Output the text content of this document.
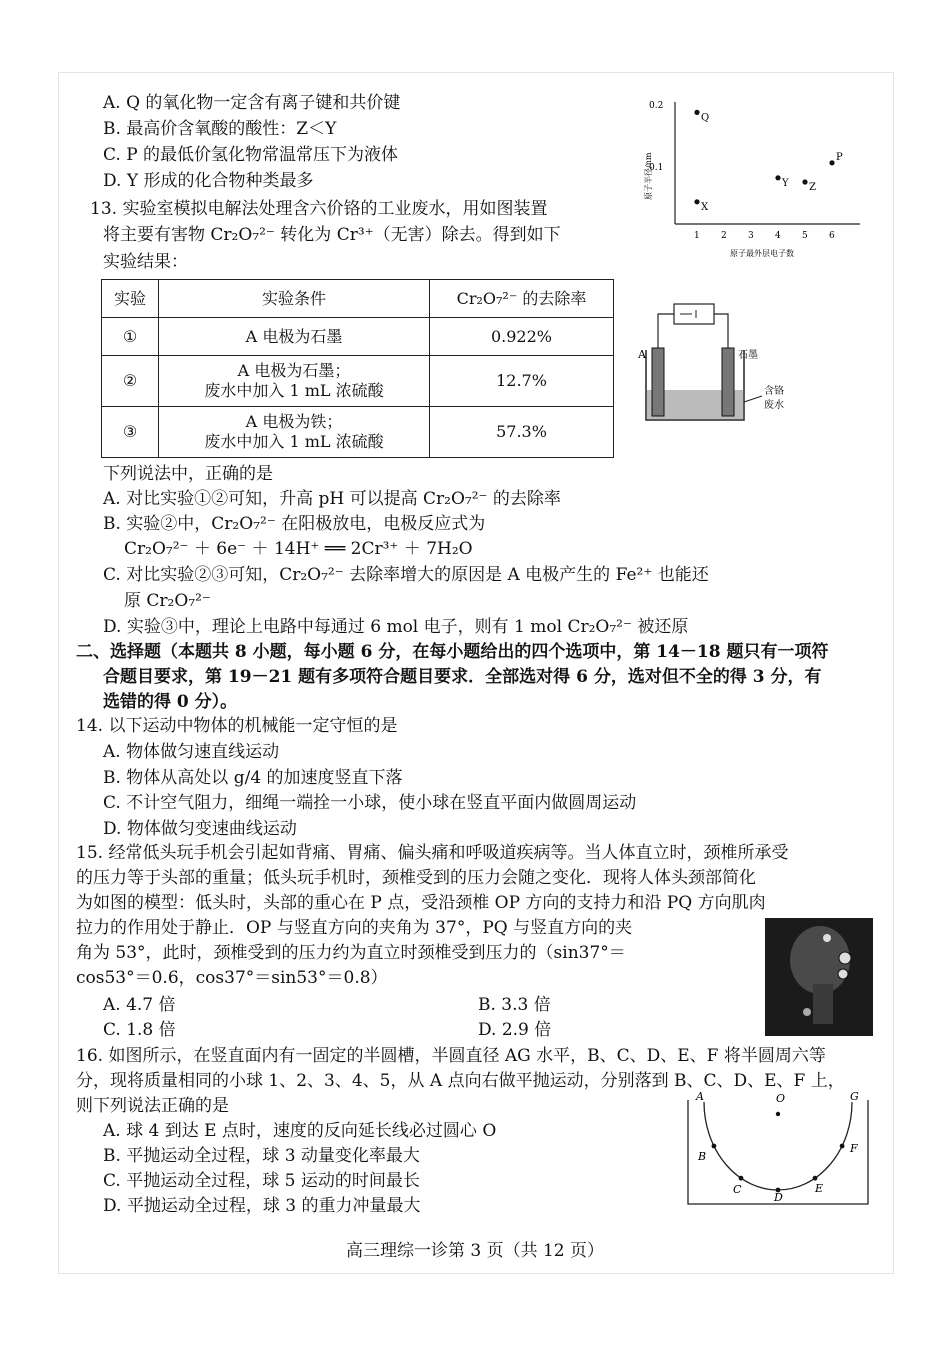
A. Q 的氧化物一定含有离子键和共价键
B. 最高价含氧酸的酸性：Z＜Y
C. P 的最低价氢化物常温常压下为液体
D. Y 形成的化合物种类最多
0.2
0.1
原子半径/nm
1 2 3 4 5 6
Q
X
Y Z
P
原子最外层电子数
13. 实验室模拟电解法处理含六价铬的工业废水，用如图装置
将主要有害物 Cr₂O₇²⁻ 转化为 Cr³⁺（无害）除去。得到如下
实验结果：
实验	实验条件	Cr₂O₇²⁻ 的去除率
①	A 电极为石墨	0.922%
②	A 电极为石墨；
废水中加入 1 mL 浓硫酸	12.7%
③	A 电极为铁；
废水中加入 1 mL 浓硫酸	57.3%
A	石墨
含铬
废水
下列说法中，正确的是
A. 对比实验①②可知，升高 pH 可以提高 Cr₂O₇²⁻ 的去除率
B. 实验②中，Cr₂O₇²⁻ 在阳极放电，电极反应式为
Cr₂O₇²⁻ ＋ 6e⁻ ＋ 14H⁺ ══ 2Cr³⁺ ＋ 7H₂O
C. 对比实验②③可知，Cr₂O₇²⁻ 去除率增大的原因是 A 电极产生的 Fe²⁺ 也能还
原 Cr₂O₇²⁻
D. 实验③中，理论上电路中每通过 6 mol 电子，则有 1 mol Cr₂O₇²⁻ 被还原
二、选择题（本题共 8 小题，每小题 6 分，在每小题给出的四个选项中，第 14－18 题只有一项符
合题目要求，第 19－21 题有多项符合题目要求．全部选对得 6 分，选对但不全的得 3 分，有
选错的得 0 分）。
14. 以下运动中物体的机械能一定守恒的是
A. 物体做匀速直线运动
B. 物体从高处以 g/4 的加速度竖直下落
C. 不计空气阻力，细绳一端拴一小球，使小球在竖直平面内做圆周运动
D. 物体做匀变速曲线运动
15. 经常低头玩手机会引起如背痛、胃痛、偏头痛和呼吸道疾病等。当人体直立时，颈椎所承受
的压力等于头部的重量；低头玩手机时，颈椎受到的压力会随之变化．现将人体头颈部简化
为如图的模型：低头时，头部的重心在 P 点，受沿颈椎 OP 方向的支持力和沿 PQ 方向肌肉
拉力的作用处于静止．OP 与竖直方向的夹角为 37°，PQ 与竖直方向的夹
角为 53°，此时，颈椎受到的压力约为直立时颈椎受到压力的（sin37°＝
cos53°＝0.6，cos37°＝sin53°＝0.8）
A. 4.7 倍	B. 3.3 倍
C. 1.8 倍	D. 2.9 倍
16. 如图所示，在竖直面内有一固定的半圆槽，半圆直径 AG 水平，B、C、D、E、F 将半圆周六等
分，现将质量相同的小球 1、2、3、4、5，从 A 点向右做平抛运动，分别落到 B、C、D、E、F 上，
则下列说法正确的是
A. 球 4 到达 E 点时，速度的反向延长线必过圆心 O
B. 平抛运动全过程，球 3 动量变化率最大
C. 平抛运动全过程，球 5 运动的时间最长
D. 平抛运动全过程，球 3 的重力冲量最大
A	O	G
B
F
C
D
E
高三理综一诊第 3 页（共 12 页）
